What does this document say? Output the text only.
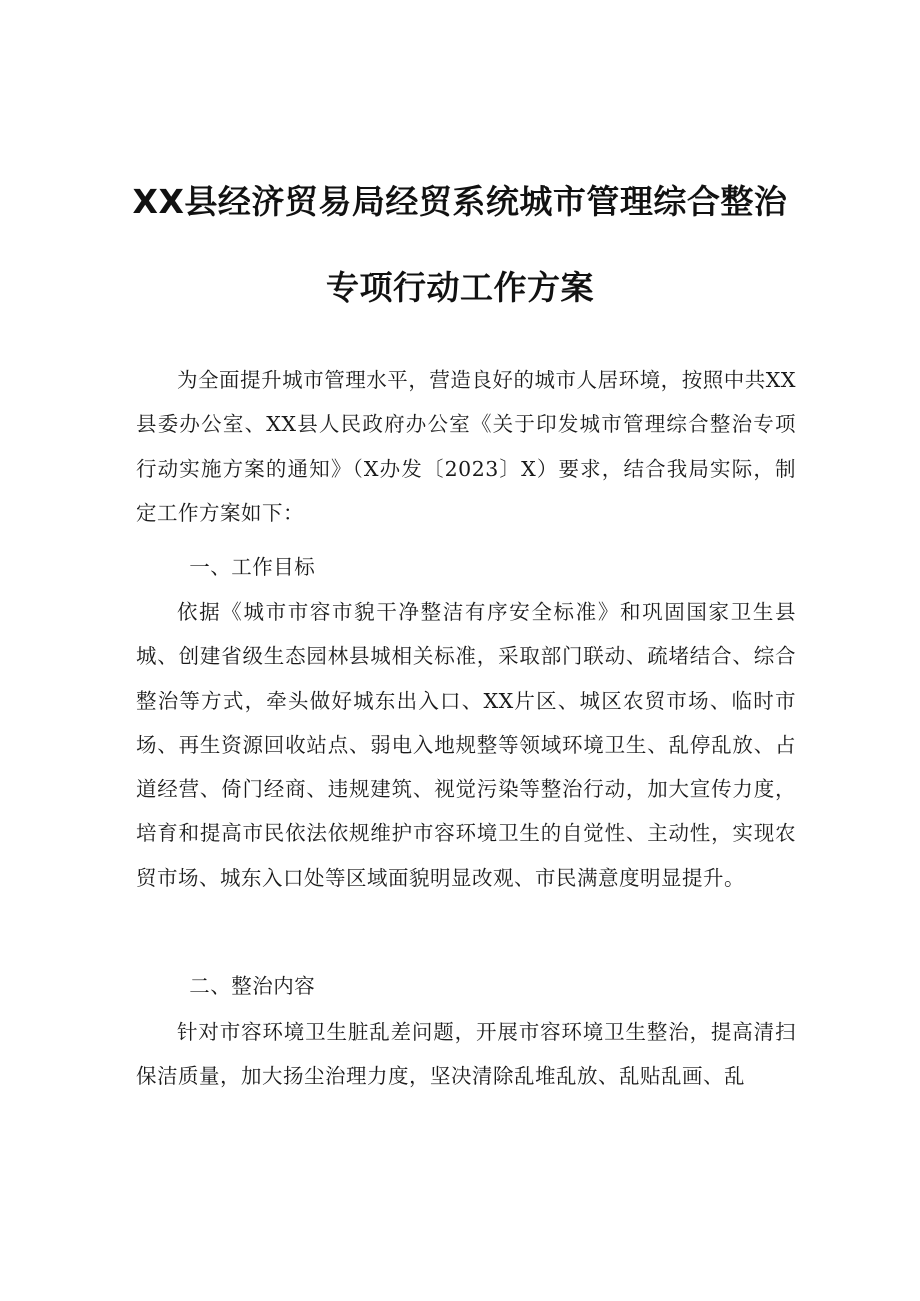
XX县经济贸易局经贸系统城市管理综合整治
专项行动工作方案

为全面提升城市管理水平，营造良好的城市人居环境，按照中共XX县委办公室、XX县人民政府办公室《关于印发城市管理综合整治专项行动实施方案的通知》（X办发〔2023〕X）要求，结合我局实际，制定工作方案如下：

一、工作目标

依据《城市市容市貌干净整洁有序安全标准》和巩固国家卫生县城、创建省级生态园林县城相关标准，采取部门联动、疏堵结合、综合整治等方式，牵头做好城东出入口、XX片区、城区农贸市场、临时市场、再生资源回收站点、弱电入地规整等领域环境卫生、乱停乱放、占道经营、倚门经商、违规建筑、视觉污染等整治行动，加大宣传力度，培育和提高市民依法依规维护市容环境卫生的自觉性、主动性，实现农贸市场、城东入口处等区域面貌明显改观、市民满意度明显提升。

二、整治内容

针对市容环境卫生脏乱差问题，开展市容环境卫生整治，提高清扫保洁质量，加大扬尘治理力度，坚决清除乱堆乱放、乱贴乱画、乱
